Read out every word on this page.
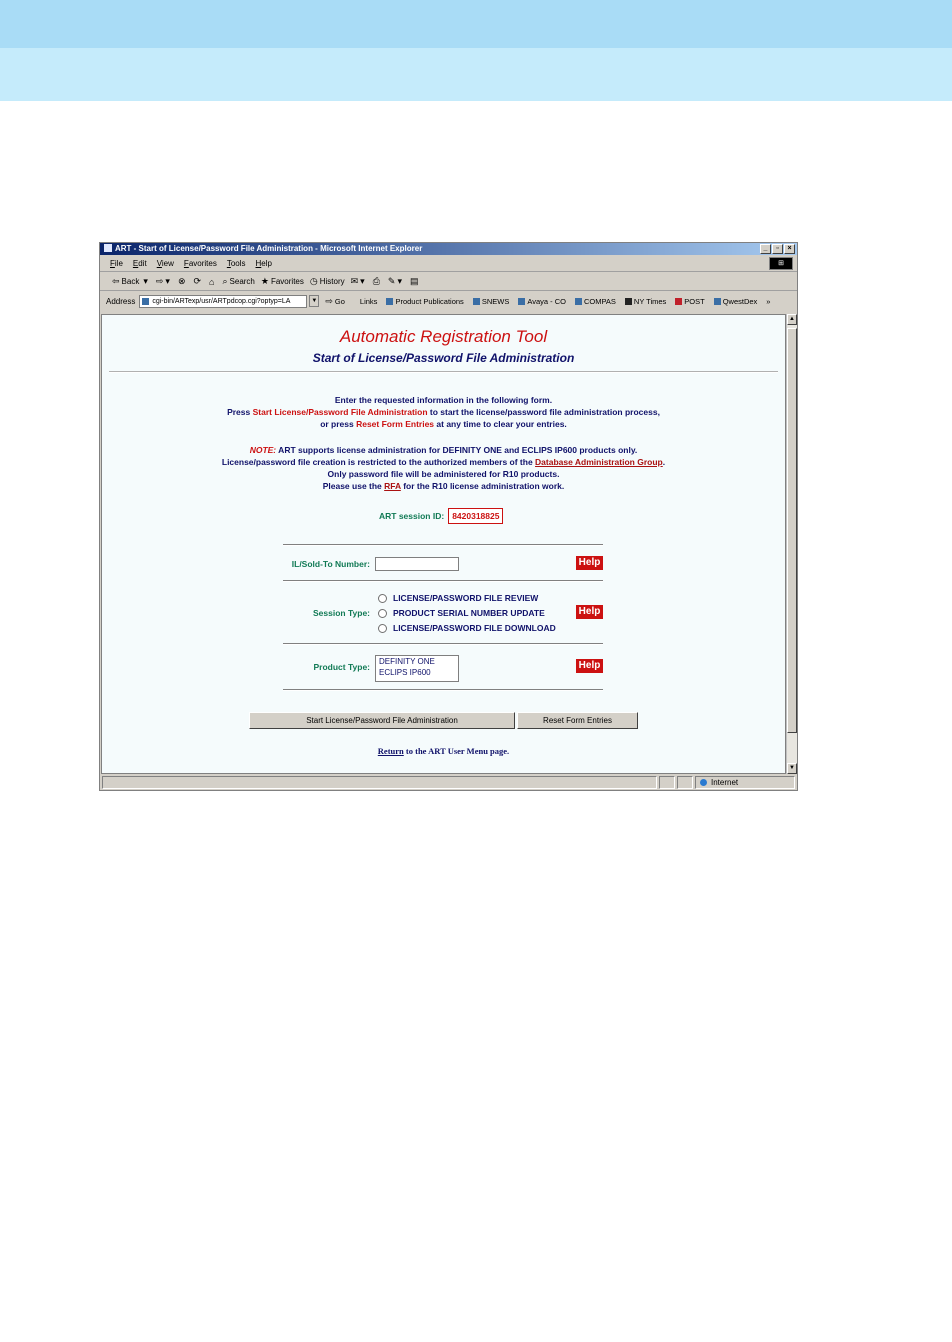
ART - Start of License/Password File Administration - Microsoft Internet Explorer	_	▫	×
File Edit View Favorites Tools Help	⊞
⇦ Back ▾ ⇨ ▾ ⊗ ⟳ ⌂ ⌕ Search ★ Favorites ◷ History ✉ ▾ ⎙ ✎ ▾ ▤
Address	cgi-bin/ARTexp/usr/ARTpdcop.cgi?optyp=LA	▼ ⇨ Go Links Product Publications SNEWS Avaya - CO COMPAS NY Times POST QwestDex »
Automatic Registration Tool
Start of License/Password File Administration
Enter the requested information in the following form.
Press Start License/Password File Administration to start the license/password file administration process,
or press Reset Form Entries at any time to clear your entries.
NOTE: ART supports license administration for DEFINITY ONE and ECLIPS IP600 products only.
License/password file creation is restricted to the authorized members of the Database Administration Group.
Only password file will be administered for R10 products.
Please use the RFA for the R10 license administration work.
ART session ID: 8420318825
IL/Sold-To Number:	Help
Session Type:
LICENSE/PASSWORD FILE REVIEW
PRODUCT SERIAL NUMBER UPDATE
LICENSE/PASSWORD FILE DOWNLOAD
Help
Product Type:
DEFINITY ONE
ECLIPS IP600
Help
Start License/Password File Administration	Reset Form Entries
Return to the ART User Menu page.
▲
▼
Internet
